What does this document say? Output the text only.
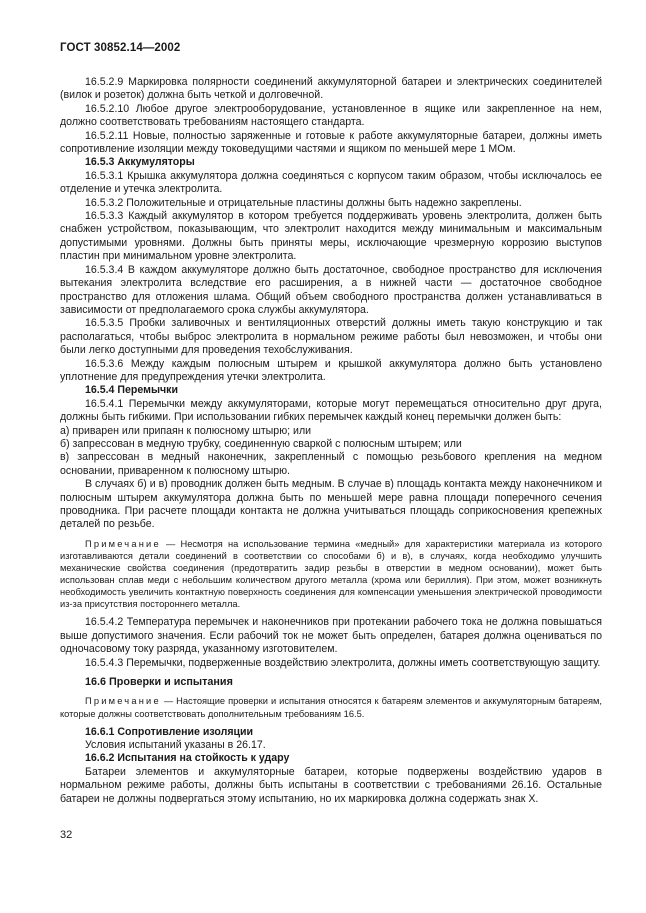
ГОСТ 30852.14—2002

16.5.2.9 Маркировка полярности соединений аккумуляторной батареи и электрических соединителей (вилок и розеток) должна быть четкой и долговечной.

16.5.2.10 Любое другое электрооборудование, установленное в ящике или закрепленное на нем, должно соответствовать требованиям настоящего стандарта.

16.5.2.11 Новые, полностью заряженные и готовые к работе аккумуляторные батареи, должны иметь сопротивление изоляции между токоведущими частями и ящиком по меньшей мере 1 МОм.

16.5.3 Аккумуляторы

16.5.3.1 Крышка аккумулятора должна соединяться с корпусом таким образом, чтобы исключалось ее отделение и утечка электролита.

16.5.3.2 Положительные и отрицательные пластины должны быть надежно закреплены.

16.5.3.3 Каждый аккумулятор в котором требуется поддерживать уровень электролита, должен быть снабжен устройством, показывающим, что электролит находится между минимальным и максимальным допустимыми уровнями. Должны быть приняты меры, исключающие чрезмерную коррозию выступов пластин при минимальном уровне электролита.

16.5.3.4 В каждом аккумуляторе должно быть достаточное, свободное пространство для исключения вытекания электролита вследствие его расширения, а в нижней части — достаточное свободное пространство для отложения шлама. Общий объем свободного пространства должен устанавливаться в зависимости от предполагаемого срока службы аккумулятора.

16.5.3.5 Пробки заливочных и вентиляционных отверстий должны иметь такую конструкцию и так располагаться, чтобы выброс электролита в нормальном режиме работы был невозможен, и чтобы они были легко доступными для проведения техобслуживания.

16.5.3.6 Между каждым полюсным штырем и крышкой аккумулятора должно быть установлено уплотнение для предупреждения утечки электролита.

16.5.4 Перемычки

16.5.4.1 Перемычки между аккумуляторами, которые могут перемещаться относительно друг друга, должны быть гибкими. При использовании гибких перемычек каждый конец перемычки должен быть:

а) приварен или припаян к полюсному штырю; или

б) запрессован в медную трубку, соединенную сваркой с полюсным штырем; или

в) запрессован в медный наконечник, закрепленный с помощью резьбового крепления на медном основании, приваренном к полюсному штырю.

В случаях б) и в) проводник должен быть медным. В случае в) площадь контакта между наконечником и полюсным штырем аккумулятора должна быть по меньшей мере равна площади поперечного сечения проводника. При расчете площади контакта не должна учитываться площадь соприкосновения крепежных деталей по резьбе.

Примечание — Несмотря на использование термина «медный» для характеристики материала из которого изготавливаются детали соединений в соответствии со способами б) и в), в случаях, когда необходимо улучшить механические свойства соединения (предотвратить задир резьбы в отверстии в медном основании), может быть использован сплав меди с небольшим количеством другого металла (хрома или бериллия). При этом, может возникнуть необходимость увеличить контактную поверхность соединения для компенсации уменьшения электрической проводимости из-за присутствия постороннего металла.

16.5.4.2 Температура перемычек и наконечников при протекании рабочего тока не должна повышаться выше допустимого значения. Если рабочий ток не может быть определен, батарея должна оцениваться по одночасовому току разряда, указанному изготовителем.

16.5.4.3 Перемычки, подверженные воздействию электролита, должны иметь соответствующую защиту.

16.6 Проверки и испытания

Примечание — Настоящие проверки и испытания относятся к батареям элементов и аккумуляторным батареям, которые должны соответствовать дополнительным требованиям 16.5.

16.6.1 Сопротивление изоляции

Условия испытаний указаны в 26.17.

16.6.2 Испытания на стойкость к удару

Батареи элементов и аккумуляторные батареи, которые подвержены воздействию ударов в нормальном режиме работы, должны быть испытаны в соответствии с требованиями 26.16. Остальные батареи не должны подвергаться этому испытанию, но их маркировка должна содержать знак X.

32
